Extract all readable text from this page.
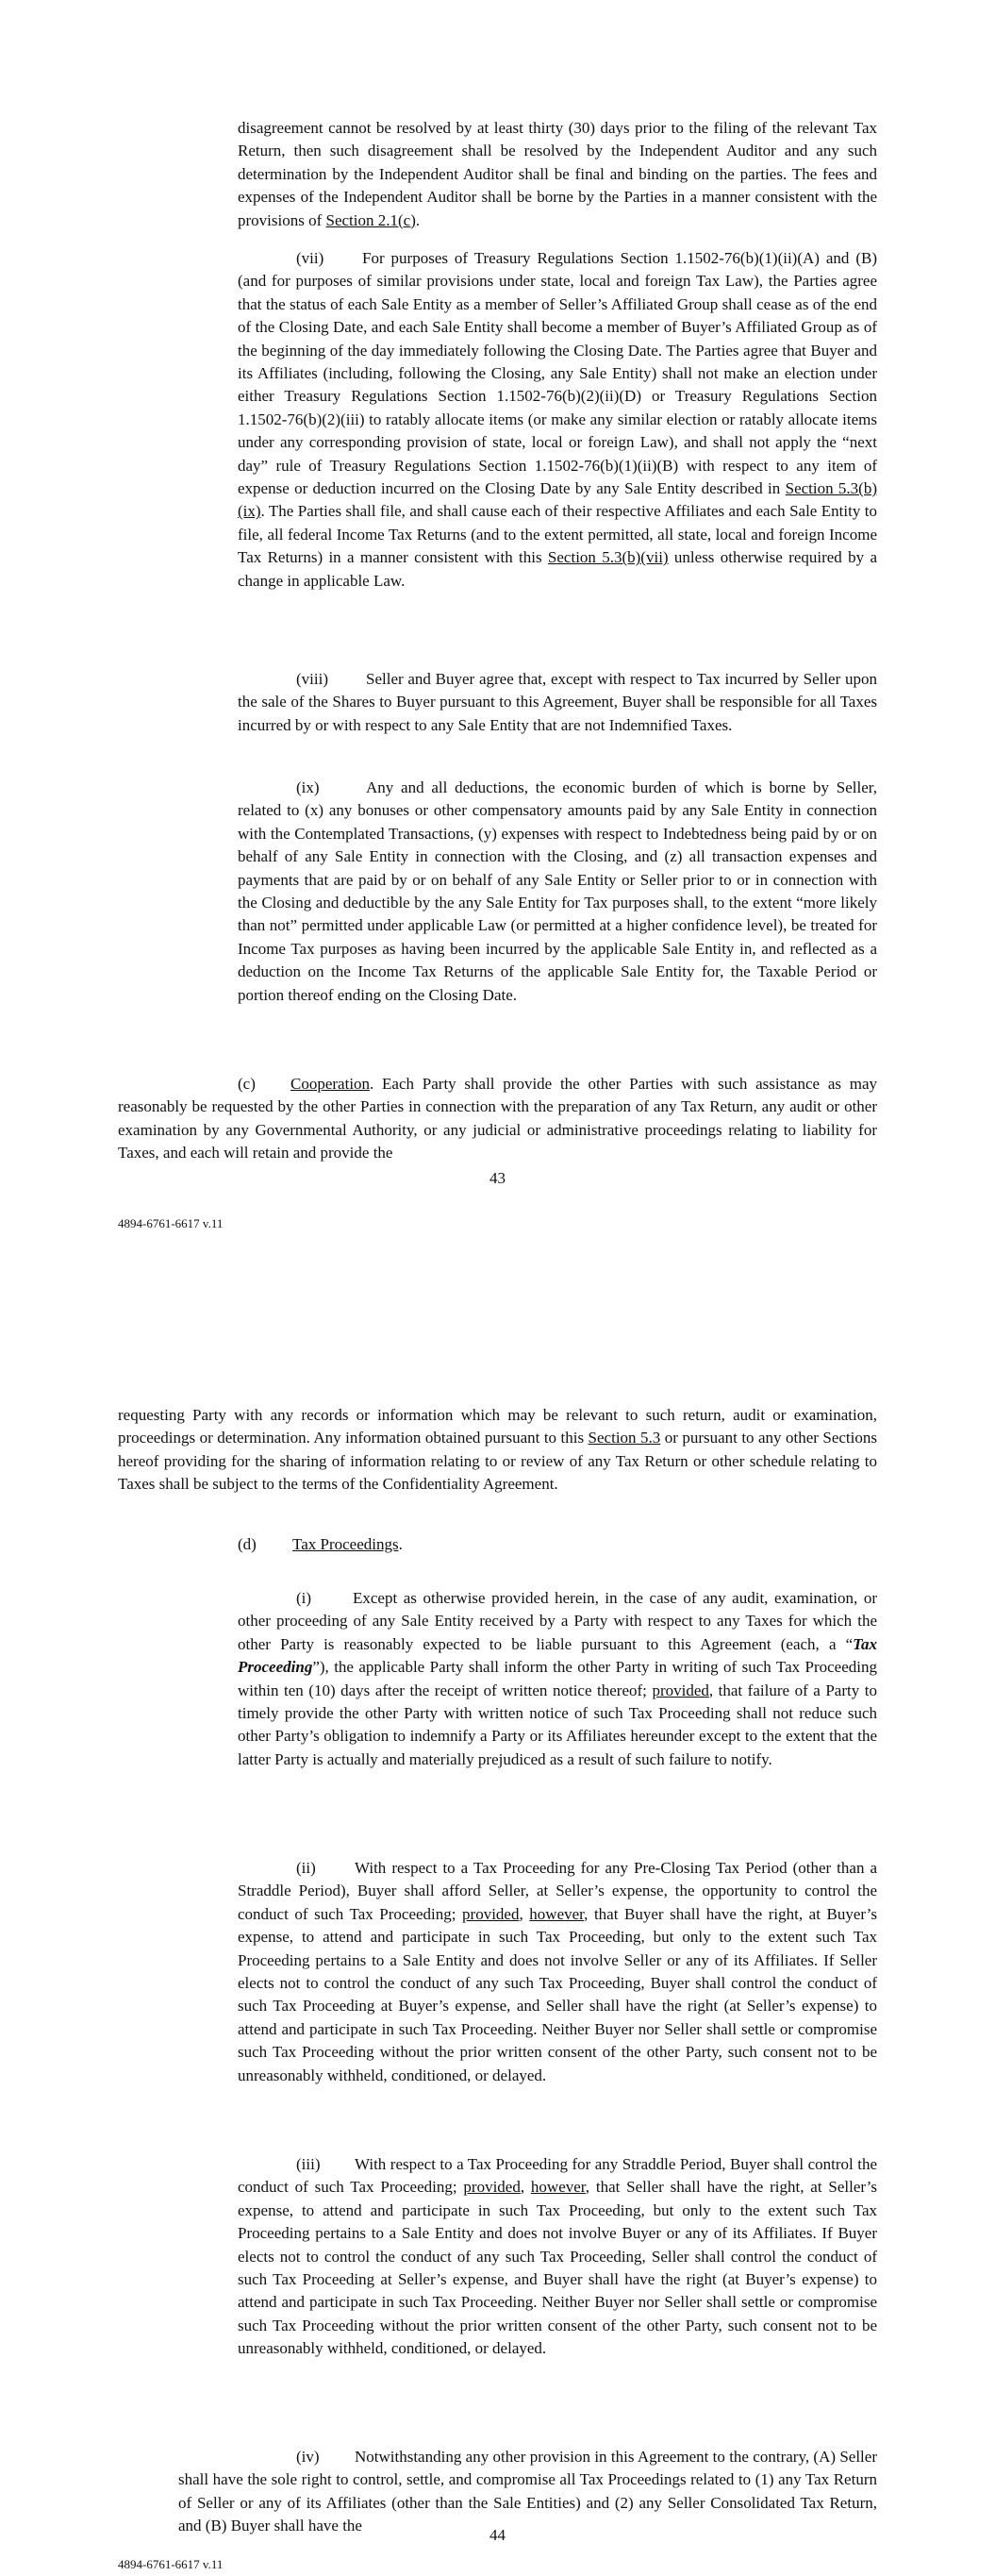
disagreement cannot be resolved by at least thirty (30) days prior to the filing of the relevant Tax Return, then such disagreement shall be resolved by the Independent Auditor and any such determination by the Independent Auditor shall be final and binding on the parties. The fees and expenses of the Independent Auditor shall be borne by the Parties in a manner consistent with the provisions of Section 2.1(c).

(vii) For purposes of Treasury Regulations Section 1.1502-76(b)(1)(ii)(A) and (B) (and for purposes of similar provisions under state, local and foreign Tax Law), the Parties agree that the status of each Sale Entity as a member of Seller’s Affiliated Group shall cease as of the end of the Closing Date, and each Sale Entity shall become a member of Buyer’s Affiliated Group as of the beginning of the day immediately following the Closing Date. The Parties agree that Buyer and its Affiliates (including, following the Closing, any Sale Entity) shall not make an election under either Treasury Regulations Section 1.1502-76(b)(2)(ii)(D) or Treasury Regulations Section 1.1502-76(b)(2)(iii) to ratably allocate items (or make any similar election or ratably allocate items under any corresponding provision of state, local or foreign Law), and shall not apply the “next day” rule of Treasury Regulations Section 1.1502-76(b)(1)(ii)(B) with respect to any item of expense or deduction incurred on the Closing Date by any Sale Entity described in Section 5.3(b)(ix). The Parties shall file, and shall cause each of their respective Affiliates and each Sale Entity to file, all federal Income Tax Returns (and to the extent permitted, all state, local and foreign Income Tax Returns) in a manner consistent with this Section 5.3(b)(vii) unless otherwise required by a change in applicable Law.

(viii) Seller and Buyer agree that, except with respect to Tax incurred by Seller upon the sale of the Shares to Buyer pursuant to this Agreement, Buyer shall be responsible for all Taxes incurred by or with respect to any Sale Entity that are not Indemnified Taxes.

(ix)	Any and all deductions, the economic burden of which is borne by Seller, related to (x) any bonuses or other compensatory amounts paid by any Sale Entity in connection with the Contemplated Transactions, (y) expenses with respect to Indebtedness being paid by or on behalf of any Sale Entity in connection with the Closing, and (z) all transaction expenses and payments that are paid by or on behalf of any Sale Entity or Seller prior to or in connection with the Closing and deductible by the any Sale Entity for Tax purposes shall, to the extent “more likely than not” permitted under applicable Law (or permitted at a higher confidence level), be treated for Income Tax purposes as having been incurred by the applicable Sale Entity in, and reflected as a deduction on the Income Tax Returns of the applicable Sale Entity for, the Taxable Period or portion thereof ending on the Closing Date.

(c) Cooperation. Each Party shall provide the other Parties with such assistance as may reasonably be requested by the other Parties in connection with the preparation of any Tax Return, any audit or other examination by any Governmental Authority, or any judicial or administrative proceedings relating to liability for Taxes, and each will retain and provide the

43
4894-6761-6617 v.11

requesting Party with any records or information which may be relevant to such return, audit or examination, proceedings or determination. Any information obtained pursuant to this Section 5.3 or pursuant to any other Sections hereof providing for the sharing of information relating to or review of any Tax Return or other schedule relating to Taxes shall be subject to the terms of the Confidentiality Agreement.

(d) Tax Proceedings.

(i)	Except as otherwise provided herein, in the case of any audit, examination, or other proceeding of any Sale Entity received by a Party with respect to any Taxes for which the other Party is reasonably expected to be liable pursuant to this Agreement (each, a “Tax Proceeding”), the applicable Party shall inform the other Party in writing of such Tax Proceeding within ten (10) days after the receipt of written notice thereof; provided, that failure of a Party to timely provide the other Party with written notice of such Tax Proceeding shall not reduce such other Party’s obligation to indemnify a Party or its Affiliates hereunder except to the extent that the latter Party is actually and materially prejudiced as a result of such failure to notify.

(ii) With respect to a Tax Proceeding for any Pre-Closing Tax Period (other than a Straddle Period), Buyer shall afford Seller, at Seller’s expense, the opportunity to control the conduct of such Tax Proceeding; provided, however, that Buyer shall have the right, at Buyer’s expense, to attend and participate in such Tax Proceeding, but only to the extent such Tax Proceeding pertains to a Sale Entity and does not involve Seller or any of its Affiliates. If Seller elects not to control the conduct of any such Tax Proceeding, Buyer shall control the conduct of such Tax Proceeding at Buyer’s expense, and Seller shall have the right (at Seller’s expense) to attend and participate in such Tax Proceeding. Neither Buyer nor Seller shall settle or compromise such Tax Proceeding without the prior written consent of the other Party, such consent not to be unreasonably withheld, conditioned, or delayed.

(iii) With respect to a Tax Proceeding for any Straddle Period, Buyer shall control the conduct of such Tax Proceeding; provided, however, that Seller shall have the right, at Seller’s expense, to attend and participate in such Tax Proceeding, but only to the extent such Tax Proceeding pertains to a Sale Entity and does not involve Buyer or any of its Affiliates. If Buyer elects not to control the conduct of any such Tax Proceeding, Seller shall control the conduct of such Tax Proceeding at Seller’s expense, and Buyer shall have the right (at Buyer’s expense) to attend and participate in such Tax Proceeding. Neither Buyer nor Seller shall settle or compromise such Tax Proceeding without the prior written consent of the other Party, such consent not to be unreasonably withheld, conditioned, or delayed.

(iv) Notwithstanding any other provision in this Agreement to the contrary, (A) Seller shall have the sole right to control, settle, and compromise all Tax Proceedings related to (1) any Tax Return of Seller or any of its Affiliates (other than the Sale Entities) and (2) any Seller Consolidated Tax Return, and (B) Buyer shall have the

44
4894-6761-6617 v.11
